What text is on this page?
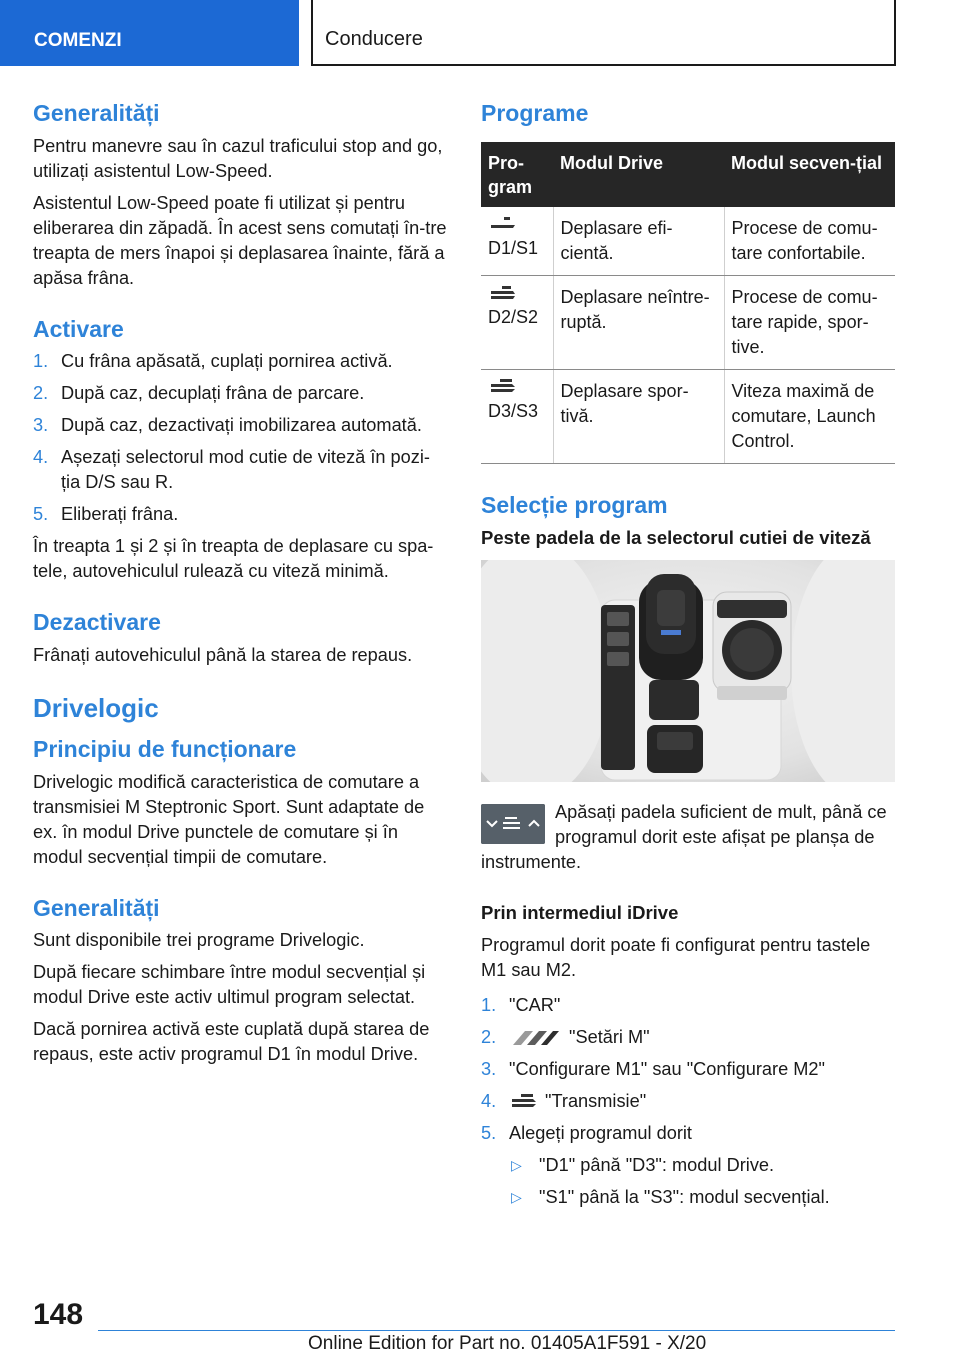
COMENZI	Conducere
Generalități

Pentru manevre sau în cazul traficului stop and go, utilizați asistentul Low-Speed.

Asistentul Low-Speed poate fi utilizat și pentru eliberarea din zăpadă. În acest sens comutați în‐tre treapta de mers înapoi și deplasarea înainte, fără a apăsa frâna.

Activare
1. Cu frâna apăsată, cuplați pornirea activă.
2. După caz, decuplați frâna de parcare.
3. După caz, dezactivați imobilizarea automată.
4. Așezați selectorul mod cutie de viteză în pozi‐ția D/S sau R.
5. Eliberați frâna.

În treapta 1 și 2 și în treapta de deplasare cu spa‐tele, autovehiculul rulează cu viteză minimă.

Dezactivare

Frânați autovehiculul până la starea de repaus.

Drivelogic
Principiu de funcționare

Drivelogic modifică caracteristica de comutare a transmisiei M Steptronic Sport. Sunt adaptate de ex. în modul Drive punctele de comutare și în modul secvențial timpii de comutare.

Generalități

Sunt disponibile trei programe Drivelogic.

După fiecare schimbare între modul secvențial și modul Drive este activ ultimul program selectat.

Dacă pornirea activă este cuplată după starea de repaus, este activ programul D1 în modul Drive.

Programe
Pro‐gram	Modul Drive	Modul secven‐țial

D1/S1	Deplasare efi‐cientă.	Procese de comu‐tare confortabile.

D2/S2	Deplasare neîntre‐ruptă.	Procese de comu‐tare rapide, spor‐tive.

D3/S3	Deplasare spor‐tivă.	Viteza maximă de comutare, Launch Control.
Selecție program

Peste padela de la selectorul cutiei de viteză

Apăsați padela suficient de mult, până ce programul dorit este afișat pe planșa de instrumente.

Prin intermediul iDrive

Programul dorit poate fi configurat pentru tastele M1 sau M2.

1. "CAR"
2.	"Setări M"
3. "Configurare M1" sau "Configurare M2"
4.	"Transmisie"
5. Alegeți programul dorit
▷ "D1" până "D3": modul Drive.
▷ "S1" până la "S3": modul secvențial.
148
Online Edition for Part no. 01405A1F591 - X/20
